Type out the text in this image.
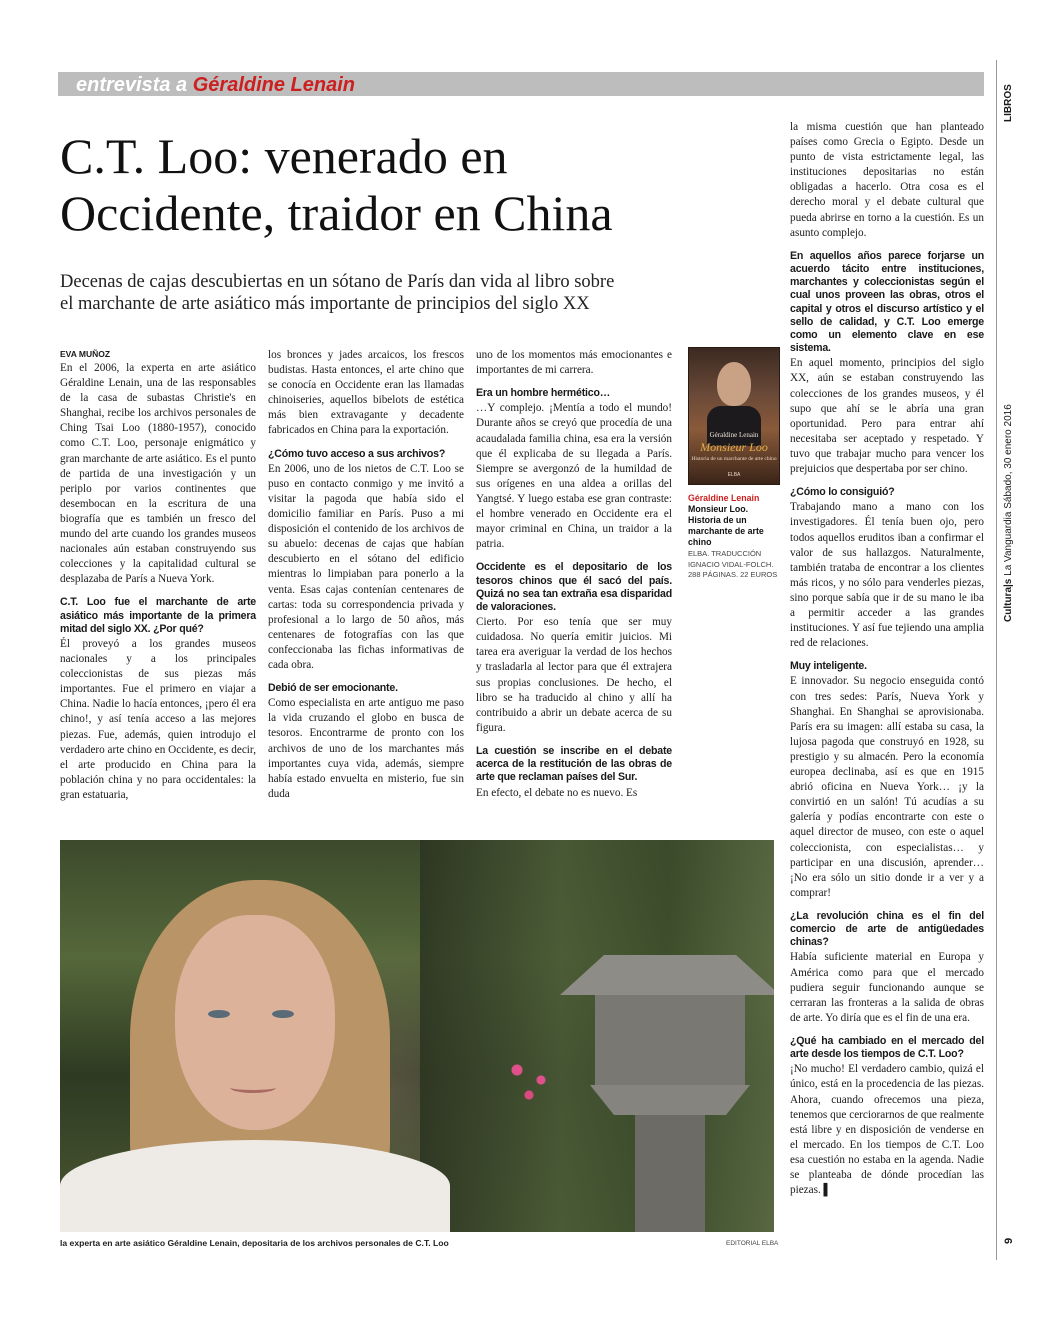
entrevista a Géraldine Lenain
C.T. Loo: venerado en
Occidente, traidor en China
Decenas de cajas descubiertas en un sótano de París dan vida al libro sobre
el marchante de arte asiático más importante de principios del siglo XX
EVA MUÑOZ

En el 2006, la experta en arte asiático Géraldine Lenain, una de las responsables de la casa de subastas Christie's en Shanghai, recibe los archivos personales de Ching Tsai Loo (1880-1957), conocido como C.T. Loo, personaje enigmático y gran marchante de arte asiático. Es el punto de partida de una investigación y un periplo por varios continentes que desembocan en la escritura de una biografía que es también un fresco del mundo del arte cuando los grandes museos nacionales aún estaban construyendo sus colecciones y la capitalidad cultural se desplazaba de París a Nueva York.

C.T. Loo fue el marchante de arte asiático más importante de la primera mitad del siglo XX. ¿Por qué?

Él proveyó a los grandes museos nacionales y a los principales coleccionistas de sus piezas más importantes. Fue el primero en viajar a China. Nadie lo hacía entonces, ¡pero él era chino!, y así tenía acceso a las mejores piezas. Fue, además, quien introdujo el verdadero arte chino en Occidente, es decir, el arte producido en China para la población china y no para occidentales: la gran estatuaria,

los bronces y jades arcaicos, los frescos budistas. Hasta entonces, el arte chino que se conocía en Occidente eran las llamadas chinoiseries, aquellos bibelots de estética más bien extravagante y decadente fabricados en China para la exportación.

¿Cómo tuvo acceso a sus archivos?

En 2006, uno de los nietos de C.T. Loo se puso en contacto conmigo y me invitó a visitar la pagoda que había sido el domicilio familiar en París. Puso a mi disposición el contenido de los archivos de su abuelo: decenas de cajas que habían descubierto en el sótano del edificio mientras lo limpiaban para ponerlo a la venta. Esas cajas contenían centenares de cartas: toda su correspondencia privada y profesional a lo largo de 50 años, más centenares de fotografías con las que confeccionaba las fichas informativas de cada obra.

Debió de ser emocionante.

Como especialista en arte antiguo me paso la vida cruzando el globo en busca de tesoros. Encontrarme de pronto con los archivos de uno de los marchantes más importantes cuya vida, además, siempre había estado envuelta en misterio, fue sin duda

uno de los momentos más emocionantes e importantes de mi carrera.

Era un hombre hermético…

…Y complejo. ¡Mentía a todo el mundo! Durante años se creyó que procedía de una acaudalada familia china, esa era la versión que él explicaba de su llegada a París. Siempre se avergonzó de la humildad de sus orígenes en una aldea a orillas del Yangtsé. Y luego estaba ese gran contraste: el hombre venerado en Occidente era el mayor criminal en China, un traidor a la patria.

Occidente es el depositario de los tesoros chinos que él sacó del país. Quizá no sea tan extraña esa disparidad de valoraciones.

Cierto. Por eso tenía que ser muy cuidadosa. No quería emitir juicios. Mi tarea era averiguar la verdad de los hechos y trasladarla al lector para que él extrajera sus propias conclusiones. De hecho, el libro se ha traducido al chino y allí ha contribuido a abrir un debate acerca de su figura.

La cuestión se inscribe en el debate acerca de la restitución de las obras de arte que reclaman países del Sur.

En efecto, el debate no es nuevo. Es

Géraldine Lenain
Monsieur Loo
Historia de un marchante de arte chino
ELBA
Géraldine Lenain
Monsieur Loo. Historia de un marchante de arte chino
ELBA. TRADUCCIÓN IGNACIO VIDAL-FOLCH. 288 PÁGINAS. 22 EUROS

la misma cuestión que han planteado países como Grecia o Egipto. Desde un punto de vista estrictamente legal, las instituciones depositarias no están obligadas a hacerlo. Otra cosa es el derecho moral y el debate cultural que pueda abrirse en torno a la cuestión. Es un asunto complejo.

En aquellos años parece forjarse un acuerdo tácito entre instituciones, marchantes y coleccionistas según el cual unos proveen las obras, otros el capital y otros el discurso artístico y el sello de calidad, y C.T. Loo emerge como un elemento clave en ese sistema.

En aquel momento, principios del siglo XX, aún se estaban construyendo las colecciones de los grandes museos, y él supo que ahí se le abría una gran oportunidad. Pero para entrar ahí necesitaba ser aceptado y respetado. Y tuvo que trabajar mucho para vencer los prejuicios que despertaba por ser chino.

¿Cómo lo consiguió?

Trabajando mano a mano con los investigadores. Él tenía buen ojo, pero todos aquellos eruditos iban a confirmar el valor de sus hallazgos. Naturalmente, también trataba de encontrar a los clientes más ricos, y no sólo para venderles piezas, sino porque sabía que ir de su mano le iba a permitir acceder a las grandes instituciones. Y así fue tejiendo una amplia red de relaciones.

Muy inteligente.

E innovador. Su negocio enseguida contó con tres sedes: París, Nueva York y Shanghai. En Shanghai se aprovisionaba. París era su imagen: allí estaba su casa, la lujosa pagoda que construyó en 1928, su prestigio y su almacén. Pero la economía europea declinaba, así es que en 1915 abrió oficina en Nueva York… ¡y la convirtió en un salón! Tú acudías a su galería y podías encontrarte con este o aquel director de museo, con este o aquel coleccionista, con especialistas… y participar en una discusión, aprender… ¡No era sólo un sitio donde ir a ver y a comprar!

¿La revolución china es el fin del comercio de arte de antigüedades chinas?

Había suficiente material en Europa y América como para que el mercado pudiera seguir funcionando aunque se cerraran las fronteras a la salida de obras de arte. Yo diría que es el fin de una era.

¿Qué ha cambiado en el mercado del arte desde los tiempos de C.T. Loo?

¡No mucho! El verdadero cambio, quizá el único, está en la procedencia de las piezas. Ahora, cuando ofrecemos una pieza, tenemos que cerciorarnos de que realmente está libre y en disposición de venderse en el mercado. En los tiempos de C.T. Loo esa cuestión no estaba en la agenda. Nadie se planteaba de dónde procedían las piezas. ▌

la experta en arte asiático Géraldine Lenain, depositaria de los archivos personales de C.T. Loo	EDITORIAL ELBA
LIBROS
Cultura|s La Vanguardia Sábado, 30 enero 2016
9
